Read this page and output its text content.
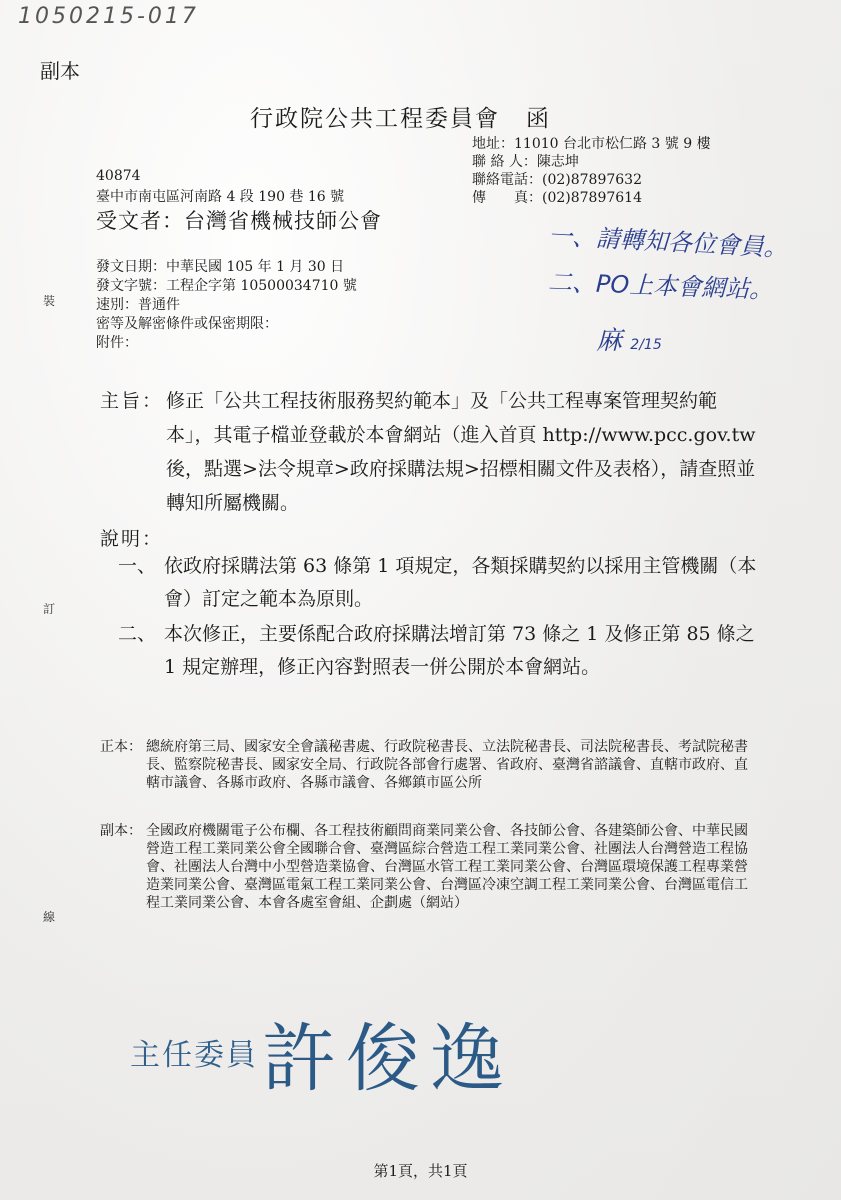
1050215-017
副本
行政院公共工程委員會 函
地址：11010 台北市松仁路 3 號 9 樓
聯 絡 人：陳志坤
聯絡電話：(02)87897632
傳　　真：(02)87897614
40874
臺中市南屯區河南路 4 段 190 巷 16 號
受文者：台灣省機械技師公會
發文日期：中華民國 105 年 1 月 30 日
發文字號：工程企字第 10500034710 號
速別：普通件
密等及解密條件或保密期限：
附件：
一、請轉知各位會員。
二、PO上本會網站。
麻 2/15
裝
訂
線
主旨： 修正「公共工程技術服務契約範本」及「公共工程專案管理契約範本」，其電子檔並登載於本會網站（進入首頁 http://www.pcc.gov.tw 後，點選>法令規章>政府採購法規>招標相關文件及表格），請查照並轉知所屬機關。
說明：
一、 依政府採購法第 63 條第 1 項規定，各類採購契約以採用主管機關（本會）訂定之範本為原則。
二、 本次修正，主要係配合政府採購法增訂第 73 條之 1 及修正第 85 條之 1 規定辦理，修正內容對照表一併公開於本會網站。
正本： 總統府第三局、國家安全會議秘書處、行政院秘書長、立法院秘書長、司法院秘書長、考試院秘書長、監察院秘書長、國家安全局、行政院各部會行處署、省政府、臺灣省諮議會、直轄市政府、直轄市議會、各縣市政府、各縣市議會、各鄉鎮市區公所
副本： 全國政府機關電子公布欄、各工程技術顧問商業同業公會、各技師公會、各建築師公會、中華民國營造工程工業同業公會全國聯合會、臺灣區綜合營造工程工業同業公會、社團法人台灣營造工程協會、社團法人台灣中小型營造業協會、台灣區水管工程工業同業公會、台灣區環境保護工程專業營造業同業公會、臺灣區電氣工程工業同業公會、台灣區冷凍空調工程工業同業公會、台灣區電信工程工業同業公會、本會各處室會組、企劃處（網站）
主任委員 許俊逸
第1頁，共1頁
